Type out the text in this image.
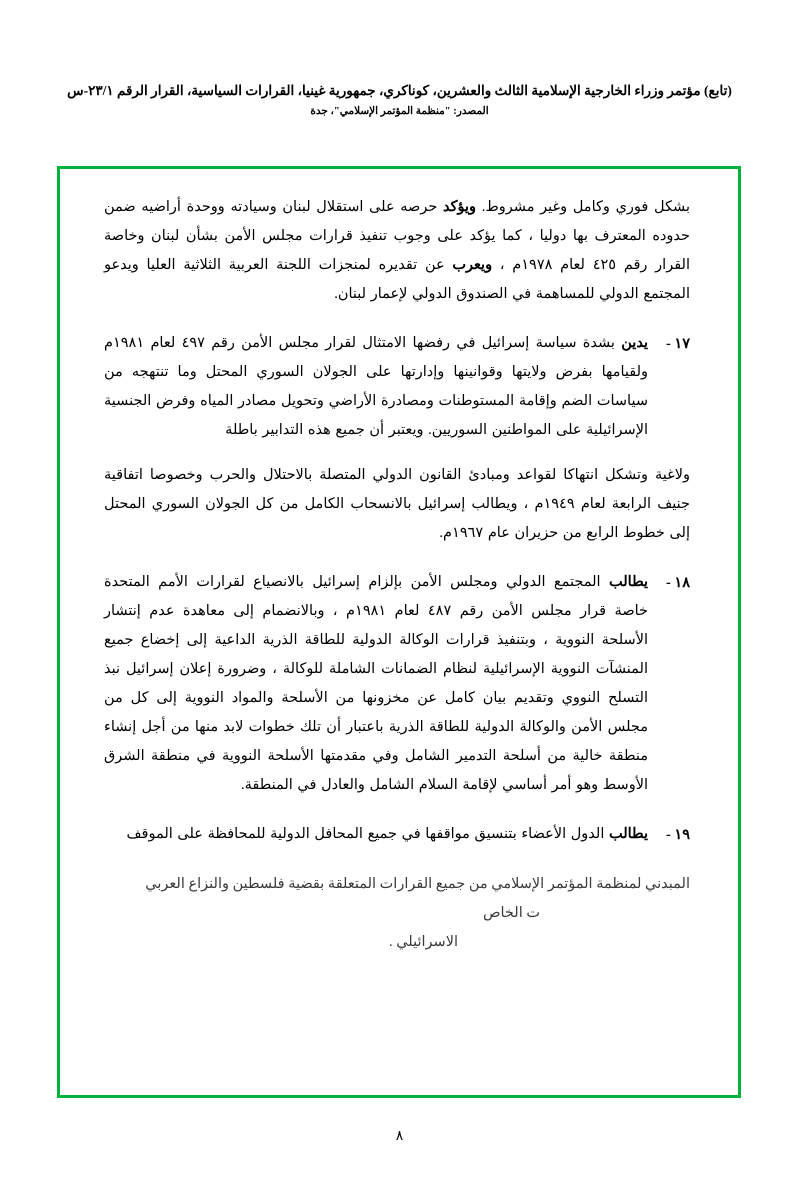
(تابع) مؤتمر وزراء الخارجية الإسلامية الثالث والعشرين، كوناكري، جمهورية غينيا، القرارات السياسية، القرار الرقم ٢٣/١-س
المصدر: "منظمة المؤتمر الإسلامي"، جدة
بشكل فوري وكامل وغير مشروط. ويؤكد حرصه على استقلال لبنان وسيادته ووحدة أراضيه ضمن حدوده المعترف بها دوليا ، كما يؤكد على وجوب تنفيذ قرارات مجلس الأمن بشأن لبنان وخاصة القرار رقم ٤٢٥ لعام ١٩٧٨م ، ويعرب عن تقديره لمنجزات اللجنة العربية الثلاثية العليا ويدعو المجتمع الدولي للمساهمة في الصندوق الدولي لإعمار لبنان.
١٧ -
يدين بشدة سياسة إسرائيل في رفضها الامتثال لقرار مجلس الأمن رقم ٤٩٧ لعام ١٩٨١م ولقيامها بفرض ولايتها وقوانينها وإدارتها على الجولان السوري المحتل وما تنتهجه من سياسات الضم وإقامة المستوطنات ومصادرة الأراضي وتحويل مصادر المياه وفرض الجنسية الإسرائيلية على المواطنين السوريين. ويعتبر أن جميع هذه التدابير باطلة
ولاغية وتشكل انتهاكا لقواعد ومبادئ القانون الدولي المتصلة بالاحتلال والحرب وخصوصا اتفاقية جنيف الرابعة لعام ١٩٤٩م ، ويطالب إسرائيل بالانسحاب الكامل من كل الجولان السوري المحتل إلى خطوط الرابع من حزيران عام ١٩٦٧م.
١٨ -
يطالب المجتمع الدولي ومجلس الأمن بإلزام إسرائيل بالانصياع لقرارات الأمم المتحدة خاصة قرار مجلس الأمن رقم ٤٨٧ لعام ١٩٨١م ، وبالانضمام إلى معاهدة عدم إنتشار الأسلحة النووية ، وبتنفيذ قرارات الوكالة الدولية للطاقة الذرية الداعية إلى إخضاع جميع المنشآت النووية الإسرائيلية لنظام الضمانات الشاملة للوكالة ، وضرورة إعلان إسرائيل نبذ التسلح النووي وتقديم بيان كامل عن مخزونها من الأسلحة والمواد النووية إلى كل من مجلس الأمن والوكالة الدولية للطاقة الذرية باعتبار أن تلك خطوات لابد منها من أجل إنشاء منطقة خالية من أسلحة التدمير الشامل وفي مقدمتها الأسلحة النووية في منطقة الشرق الأوسط وهو أمر أساسي لإقامة السلام الشامل والعادل في المنطقة.
١٩ -
يطالب الدول الأعضاء بتنسيق مواقفها في جميع المحافل الدولية للمحافظة على الموقف
المبدني لمنظمة المؤتمر الإسلامي من جميع القرارات المتعلقة بقضية فلسطين والنزاع العربي
ت الخاص
الاسرائيلي .
٨
